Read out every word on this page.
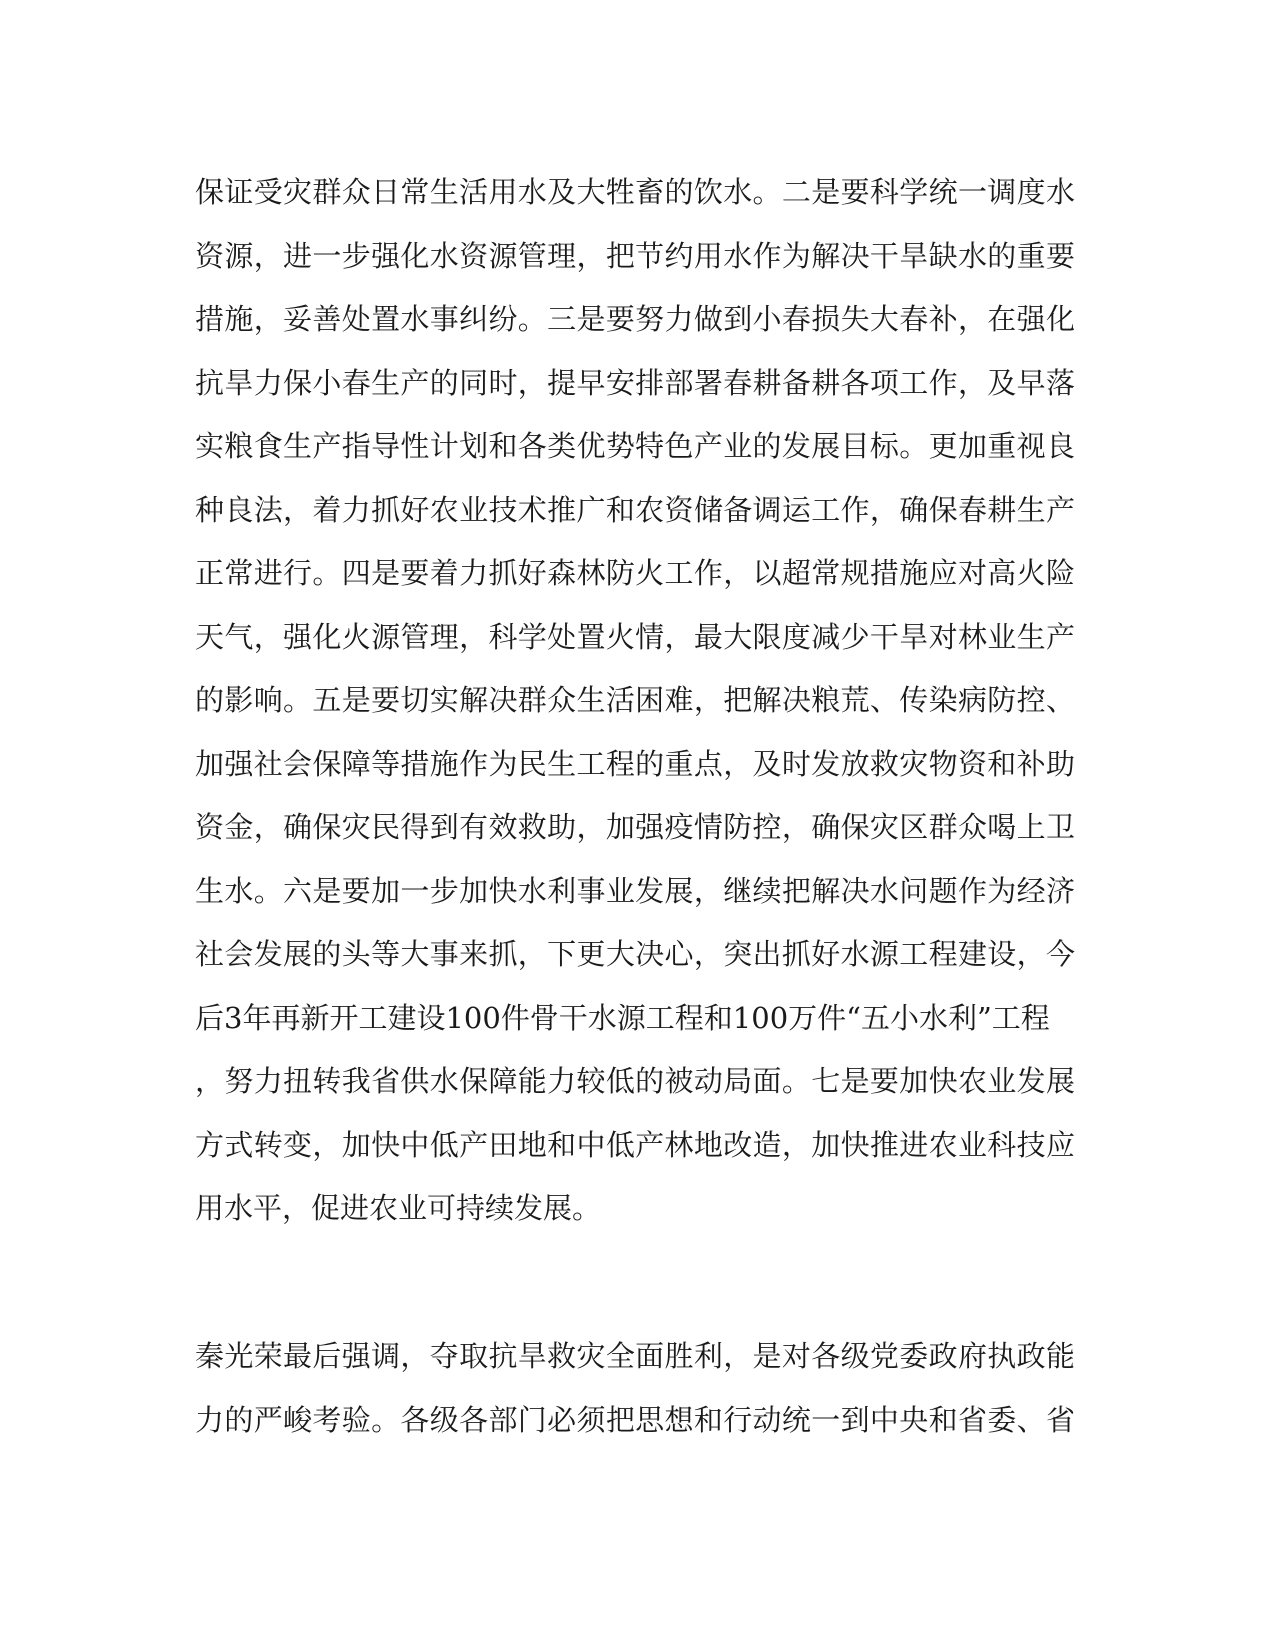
保证受灾群众日常生活用水及大牲畜的饮水。二是要科学统一调度水
资源，进一步强化水资源管理，把节约用水作为解决干旱缺水的重要
措施，妥善处置水事纠纷。三是要努力做到小春损失大春补，在强化
抗旱力保小春生产的同时，提早安排部署春耕备耕各项工作，及早落
实粮食生产指导性计划和各类优势特色产业的发展目标。更加重视良
种良法，着力抓好农业技术推广和农资储备调运工作，确保春耕生产
正常进行。四是要着力抓好森林防火工作，以超常规措施应对高火险
天气，强化火源管理，科学处置火情，最大限度减少干旱对林业生产
的影响。五是要切实解决群众生活困难，把解决粮荒、传染病防控、
加强社会保障等措施作为民生工程的重点，及时发放救灾物资和补助
资金，确保灾民得到有效救助，加强疫情防控，确保灾区群众喝上卫
生水。六是要加一步加快水利事业发展，继续把解决水问题作为经济
社会发展的头等大事来抓，下更大决心，突出抓好水源工程建设，今
后3年再新开工建设100件骨干水源工程和100万件“五小水利”工程
，努力扭转我省供水保障能力较低的被动局面。七是要加快农业发展
方式转变，加快中低产田地和中低产林地改造，加快推进农业科技应
用水平，促进农业可持续发展。
秦光荣最后强调，夺取抗旱救灾全面胜利，是对各级党委政府执政能
力的严峻考验。各级各部门必须把思想和行动统一到中央和省委、省
